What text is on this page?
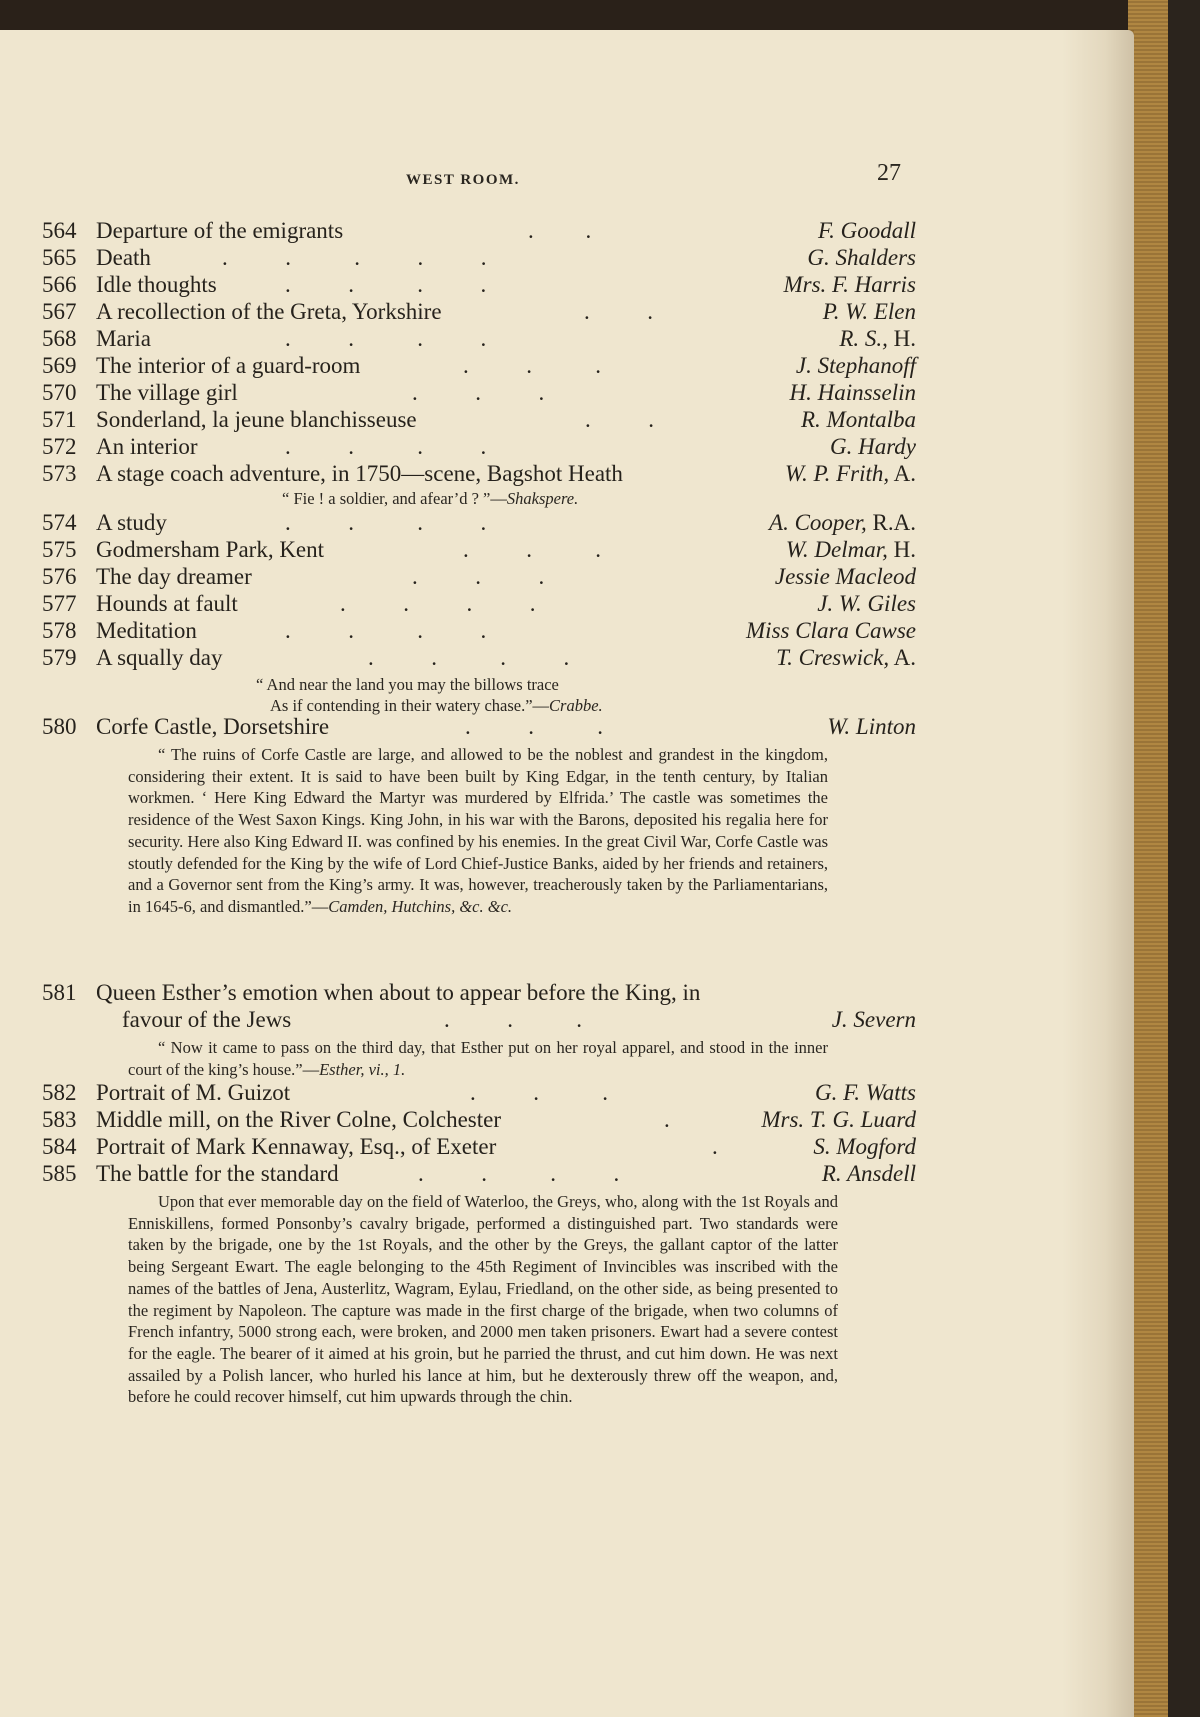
WEST ROOM.	27
564 Departure of the emigrants	.         .	F. Goodall
565 Death	.          .           .          .          .	G. Shalders
566 Idle thoughts	.          .           .          .	Mrs. F. Harris
567 A recollection of the Greta, Yorkshire	.          .	P. W. Elen
568 Maria	.          .           .          .	R. S., H.
569 The interior of a guard-room	.          .           .	J. Stephanoff
570 The village girl	.          .          .	H. Hainsselin
571 Sonderland, la jeune blanchisseuse	.          .	R. Montalba
572 An interior	.          .           .          .	G. Hardy
573 A stage coach adventure, in 1750—scene, Bagshot Heath	W. P. Frith, A.
“ Fie ! a soldier, and afear’d ? ”—Shakspere.
574 A study	.          .           .          .	A. Cooper, R.A.
575 Godmersham Park, Kent	.          .           .	W. Delmar, H.
576 The day dreamer	.          .          .	Jessie Macleod
577 Hounds at fault	.          .          .          .	J. W. Giles
578 Meditation	.          .           .          .	Miss Clara Cawse
579 A squally day	.          .           .          .	T. Creswick, A.
“ And near the land you may the billows trace
As if contending in their watery chase.”—Crabbe.
580 Corfe Castle, Dorsetshire	.          .           .	W. Linton
“ The ruins of Corfe Castle are large, and allowed to be the noblest and grandest in the kingdom, considering their extent. It is said to have been built by King Edgar, in the tenth century, by Italian workmen. ‘ Here King Edward the Martyr was murdered by Elfrida.’ The castle was sometimes the residence of the West Saxon Kings. King John, in his war with the Barons, deposited his regalia here for security. Here also King Edward II. was confined by his enemies. In the great Civil War, Corfe Castle was stoutly defended for the King by the wife of Lord Chief-Justice Banks, aided by her friends and retainers, and a Governor sent from the King’s army. It was, however, treacherously taken by the Parliamentarians, in 1645-6, and dismantled.”—Camden, Hutchins, &c. &c.
581 Queen Esther’s emotion when about to appear before the King, in
favour of the Jews	.          .           .	J. Severn
“ Now it came to pass on the third day, that Esther put on her royal apparel, and stood in the inner court of the king’s house.”—Esther, vi., 1.
582 Portrait of M. Guizot	.          .           .	G. F. Watts
583 Middle mill, on the River Colne, Colchester	.	Mrs. T. G. Luard
584 Portrait of Mark Kennaway, Esq., of Exeter	.	S. Mogford
585 The battle for the standard	.          .           .          .	R. Ansdell
Upon that ever memorable day on the field of Waterloo, the Greys, who, along with the 1st Royals and Enniskillens, formed Ponsonby’s cavalry brigade, performed a distinguished part. Two standards were taken by the brigade, one by the 1st Royals, and the other by the Greys, the gallant captor of the latter being Sergeant Ewart. The eagle belonging to the 45th Regiment of Invincibles was inscribed with the names of the battles of Jena, Austerlitz, Wagram, Eylau, Friedland, on the other side, as being presented to the regiment by Napoleon. The capture was made in the first charge of the brigade, when two columns of French infantry, 5000 strong each, were broken, and 2000 men taken prisoners. Ewart had a severe contest for the eagle. The bearer of it aimed at his groin, but he parried the thrust, and cut him down. He was next assailed by a Polish lancer, who hurled his lance at him, but he dexterously threw off the weapon, and, before he could recover himself, cut him upwards through the chin.
